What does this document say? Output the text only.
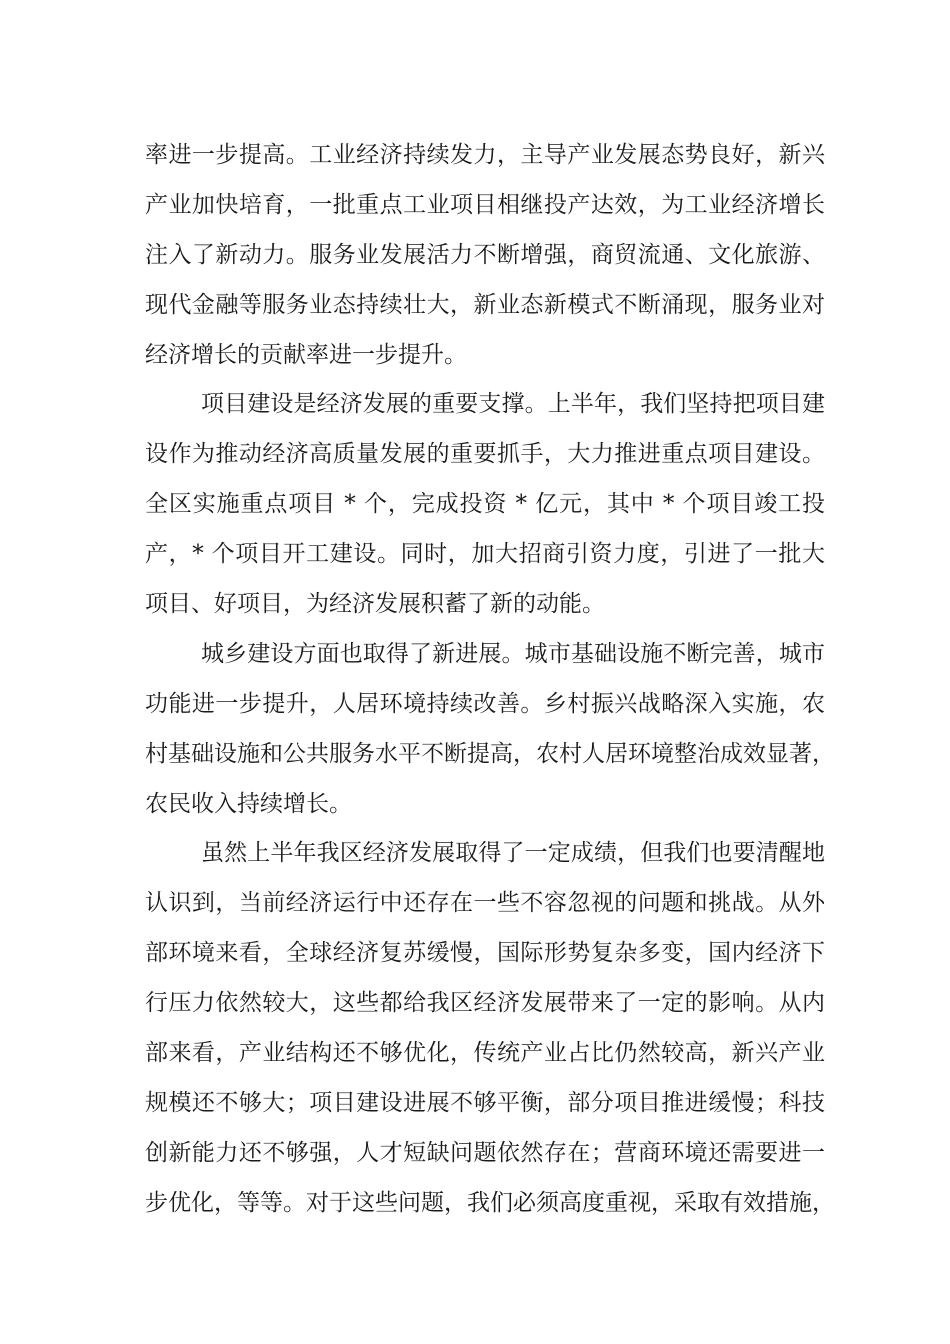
率进一步提高。工业经济持续发力，主导产业发展态势良好，新兴
产业加快培育，一批重点工业项目相继投产达效，为工业经济增长
注入了新动力。服务业发展活力不断增强，商贸流通、文化旅游、
现代金融等服务业态持续壮大，新业态新模式不断涌现，服务业对
经济增长的贡献率进一步提升。
项目建设是经济发展的重要支撑。上半年，我们坚持把项目建
设作为推动经济高质量发展的重要抓手，大力推进重点项目建设。
全区实施重点项目 * 个，完成投资 * 亿元，其中 * 个项目竣工投
产，* 个项目开工建设。同时，加大招商引资力度，引进了一批大
项目、好项目，为经济发展积蓄了新的动能。
城乡建设方面也取得了新进展。城市基础设施不断完善，城市
功能进一步提升，人居环境持续改善。乡村振兴战略深入实施，农
村基础设施和公共服务水平不断提高，农村人居环境整治成效显著，
农民收入持续增长。
虽然上半年我区经济发展取得了一定成绩，但我们也要清醒地
认识到，当前经济运行中还存在一些不容忽视的问题和挑战。从外
部环境来看，全球经济复苏缓慢，国际形势复杂多变，国内经济下
行压力依然较大，这些都给我区经济发展带来了一定的影响。从内
部来看，产业结构还不够优化，传统产业占比仍然较高，新兴产业
规模还不够大；项目建设进展不够平衡，部分项目推进缓慢；科技
创新能力还不够强，人才短缺问题依然存在；营商环境还需要进一
步优化，等等。对于这些问题，我们必须高度重视，采取有效措施，
